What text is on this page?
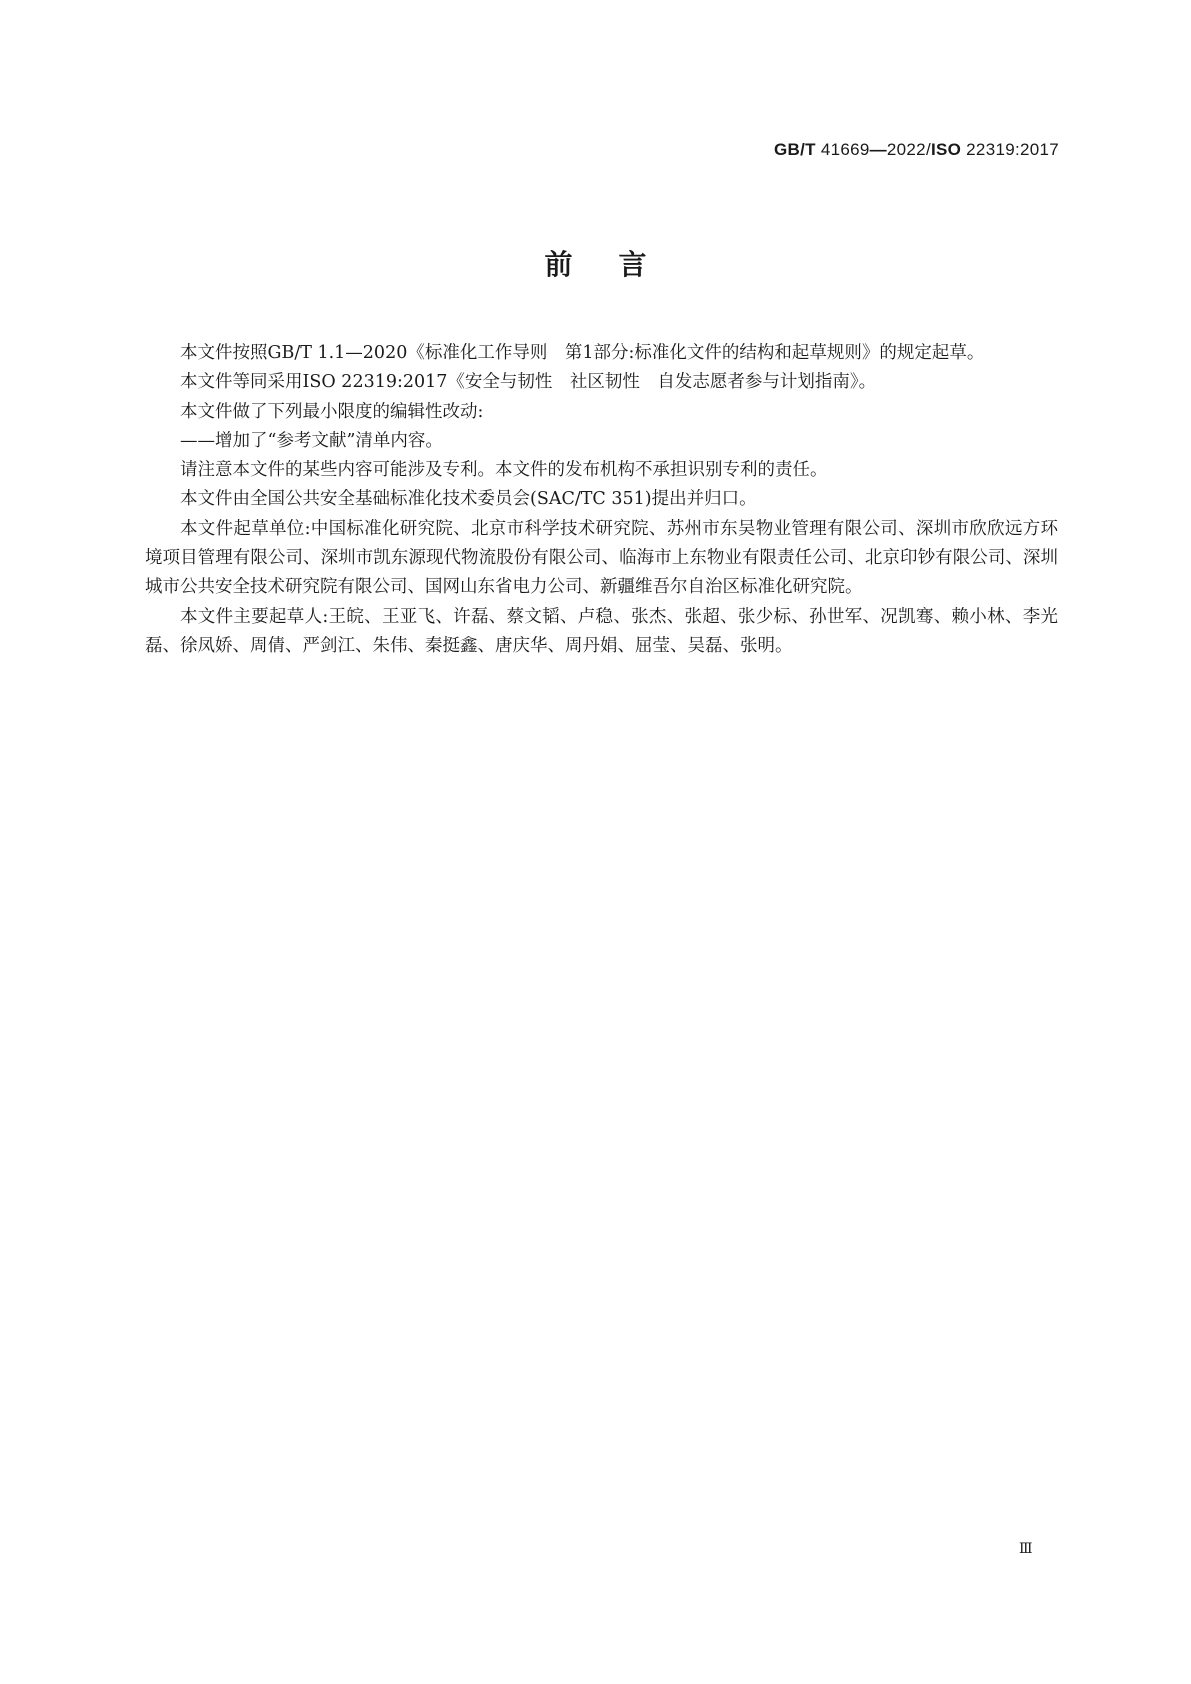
GB/T 41669—2022/ISO 22319:2017
前言

本文件按照GB/T 1.1—2020《标准化工作导则　第1部分:标准化文件的结构和起草规则》的规定起草。

本文件等同采用ISO 22319:2017《安全与韧性　社区韧性　自发志愿者参与计划指南》。

本文件做了下列最小限度的编辑性改动:

——增加了“参考文献”清单内容。

请注意本文件的某些内容可能涉及专利。本文件的发布机构不承担识别专利的责任。

本文件由全国公共安全基础标准化技术委员会(SAC/TC 351)提出并归口。

本文件起草单位:中国标准化研究院、北京市科学技术研究院、苏州市东吴物业管理有限公司、深圳市欣欣远方环境项目管理有限公司、深圳市凯东源现代物流股份有限公司、临海市上东物业有限责任公司、北京印钞有限公司、深圳城市公共安全技术研究院有限公司、国网山东省电力公司、新疆维吾尔自治区标准化研究院。

本文件主要起草人:王皖、王亚飞、许磊、蔡文韬、卢稳、张杰、张超、张少标、孙世军、况凯骞、赖小林、李光磊、徐凤娇、周倩、严剑江、朱伟、秦挺鑫、唐庆华、周丹娟、屈莹、吴磊、张明。

Ⅲ
